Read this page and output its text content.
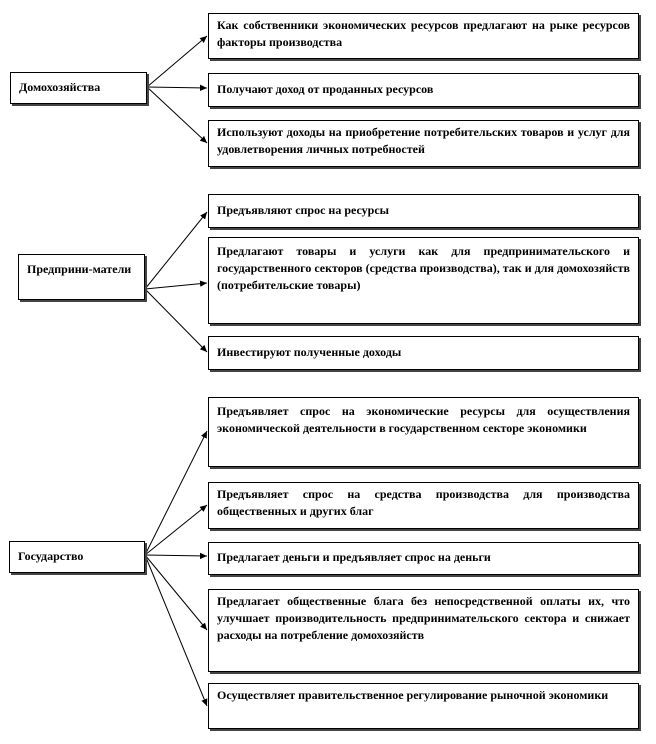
Домохозяйства
Предприни-матели
Государство
Как собственники экономических ресурсов предлагают на рыке ресурсов факторы производства
Получают доход от проданных ресурсов
Используют доходы на приобретение потребительских товаров и услуг для удовлетворения личных потребностей
Предъявляют спрос на ресурсы
Предлагают товары и услуги как для предпринимательского и государственного секторов (средства производства), так и для домохозяйств (потребительские товары)
Инвестируют полученные доходы
Предъявляет спрос на экономические ресурсы для осуществления экономической деятельности в государственном секторе экономики
Предъявляет спрос на средства производства для производства общественных и других благ
Предлагает деньги и предъявляет спрос на деньги
Предлагает общественные блага без непосредственной оплаты их, что улучшает производительность предпринимательского сектора и снижает расходы на потребление домохозяйств
Осуществляет правительственное регулирование рыночной экономики
